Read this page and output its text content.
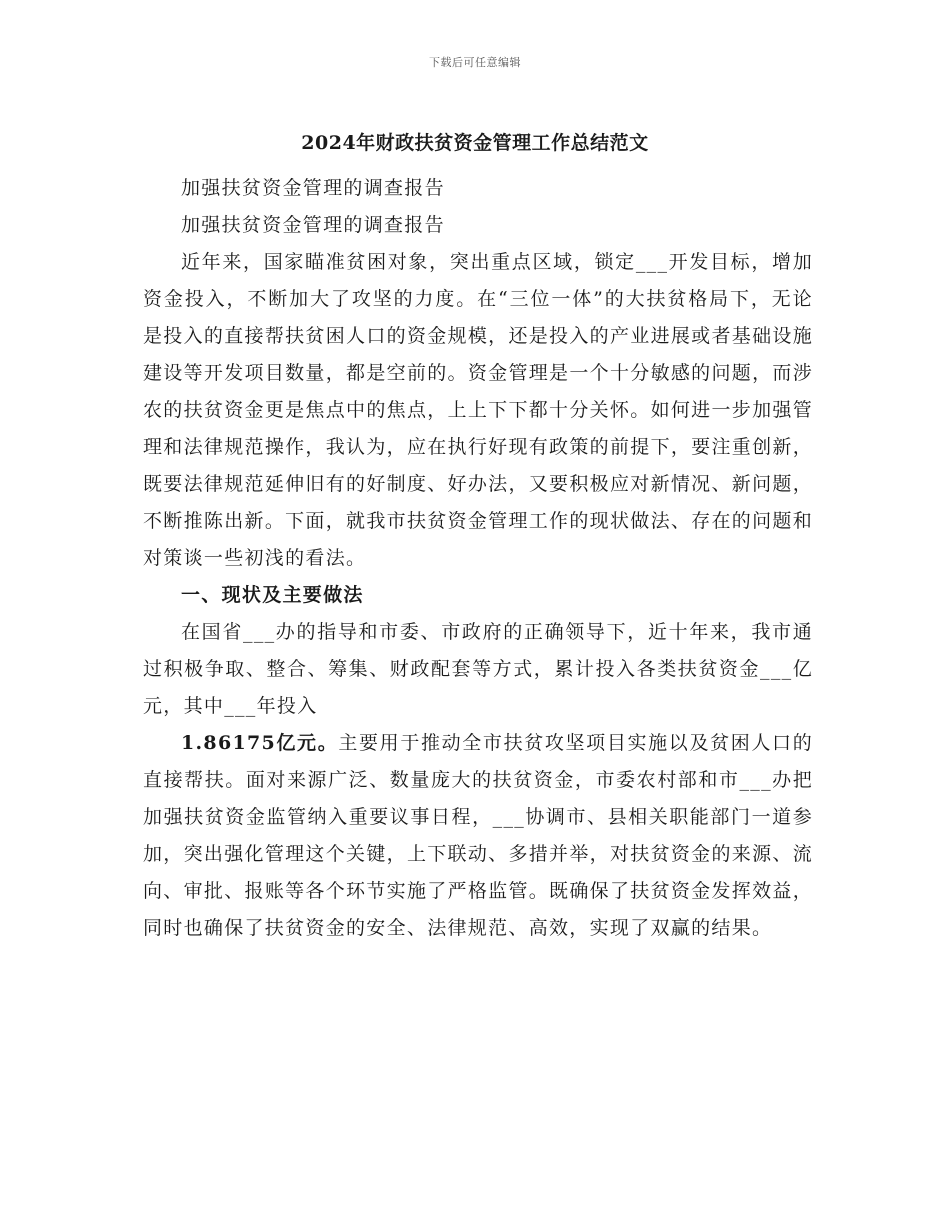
下载后可任意编辑
2024年财政扶贫资金管理工作总结范文

加强扶贫资金管理的调查报告

加强扶贫资金管理的调查报告

近年来，国家瞄准贫困对象，突出重点区域，锁定___开发目标，增加资金投入，不断加大了攻坚的力度。在“三位一体”的大扶贫格局下，无论是投入的直接帮扶贫困人口的资金规模，还是投入的产业进展或者基础设施建设等开发项目数量，都是空前的。资金管理是一个十分敏感的问题，而涉农的扶贫资金更是焦点中的焦点，上上下下都十分关怀。如何进一步加强管理和法律规范操作，我认为，应在执行好现有政策的前提下，要注重创新，既要法律规范延伸旧有的好制度、好办法，又要积极应对新情况、新问题，不断推陈出新。下面，就我市扶贫资金管理工作的现状做法、存在的问题和对策谈一些初浅的看法。

一、现状及主要做法

在国省___办的指导和市委、市政府的正确领导下，近十年来，我市通过积极争取、整合、筹集、财政配套等方式，累计投入各类扶贫资金___亿元，其中___年投入

1.86175亿元。主要用于推动全市扶贫攻坚项目实施以及贫困人口的直接帮扶。面对来源广泛、数量庞大的扶贫资金，市委农村部和市___办把加强扶贫资金监管纳入重要议事日程，___协调市、县相关职能部门一道参加，突出强化管理这个关键，上下联动、多措并举，对扶贫资金的来源、流向、审批、报账等各个环节实施了严格监管。既确保了扶贫资金发挥效益，同时也确保了扶贫资金的安全、法律规范、高效，实现了双赢的结果。
